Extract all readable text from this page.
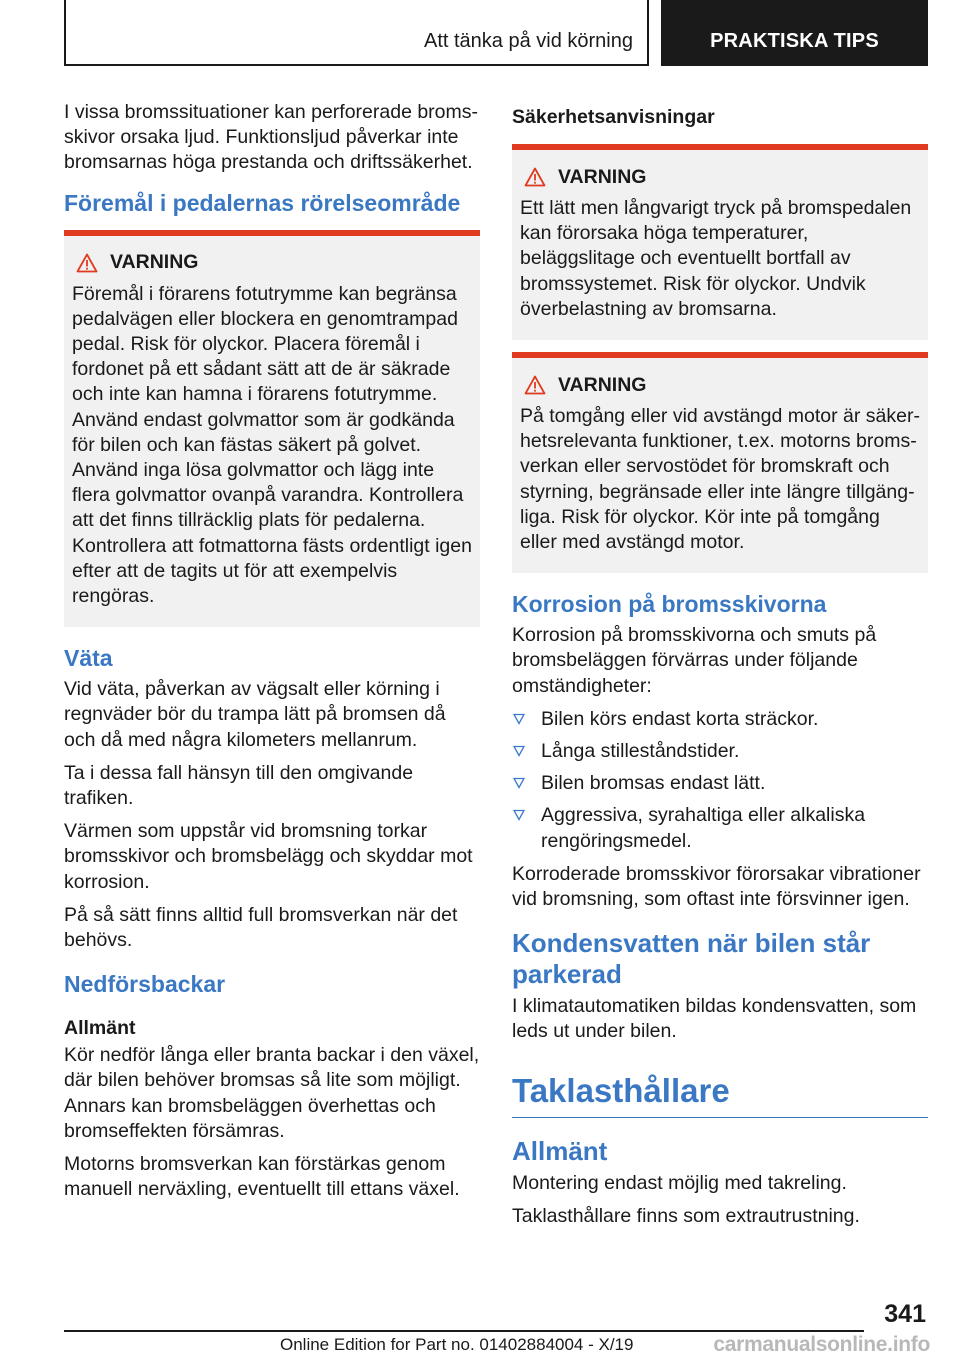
Att tänka på vid körning	PRAKTISKA TIPS

I vissa bromssituationer kan perforerade bromsskivor orsaka ljud. Funktionsljud påverkar inte bromsarnas höga prestanda och driftssäkerhet.

Föremål i pedalernas rörelseområde
VARNING

Föremål i förarens fotutrymme kan begränsa pedalvägen eller blockera en genomtrampad pedal. Risk för olyckor. Placera föremål i fordonet på ett sådant sätt att de är säkrade och inte kan hamna i förarens fotutrymme. Använd endast golvmattor som är godkända för bilen och kan fästas säkert på golvet. Använd inga lösa golvmattor och lägg inte flera golvmattor ovanpå varandra. Kontrollera att det finns tillräcklig plats för pedalerna. Kontrollera att fotmattorna fästs ordentligt igen efter att de tagits ut för att exempelvis rengöras.

Väta

Vid väta, påverkan av vägsalt eller körning i regnväder bör du trampa lätt på bromsen då och då med några kilometers mellanrum.

Ta i dessa fall hänsyn till den omgivande trafiken.

Värmen som uppstår vid bromsning torkar bromsskivor och bromsbelägg och skyddar mot korrosion.

På så sätt finns alltid full bromsverkan när det behövs.

Nedförsbackar
Allmänt

Kör nedför långa eller branta backar i den växel, där bilen behöver bromsas så lite som möjligt. Annars kan bromsbeläggen överhettas och bromseffekten försämras.

Motorns bromsverkan kan förstärkas genom manuell nerväxling, eventuellt till ettans växel.

Säkerhetsanvisningar
VARNING

Ett lätt men långvarigt tryck på bromspedalen kan förorsaka höga temperaturer, beläggslitage och eventuellt bortfall av bromssystemet. Risk för olyckor. Undvik överbelastning av bromsarna.

VARNING

På tomgång eller vid avstängd motor är säkerhetsrelevanta funktioner, t.ex. motorns bromsverkan eller servostödet för bromskraft och styrning, begränsade eller inte längre tillgängliga. Risk för olyckor. Kör inte på tomgång eller med avstängd motor.

Korrosion på bromsskivorna

Korrosion på bromsskivorna och smuts på bromsbeläggen förvärras under följande omständigheter:

Bilen körs endast korta sträckor.
Långa stilleståndstider.
Bilen bromsas endast lätt.
Aggressiva, syrahaltiga eller alkaliska rengöringsmedel.

Korroderade bromsskivor förorsakar vibrationer vid bromsning, som oftast inte försvinner igen.

Kondensvatten när bilen står parkerad

I klimatautomatiken bildas kondensvatten, som leds ut under bilen.

Taklasthållare
Allmänt

Montering endast möjlig med takreling.

Taklasthållare finns som extrautrustning.

341
Online Edition for Part no. 01402884004 - X/19	carmanualsonline.info
